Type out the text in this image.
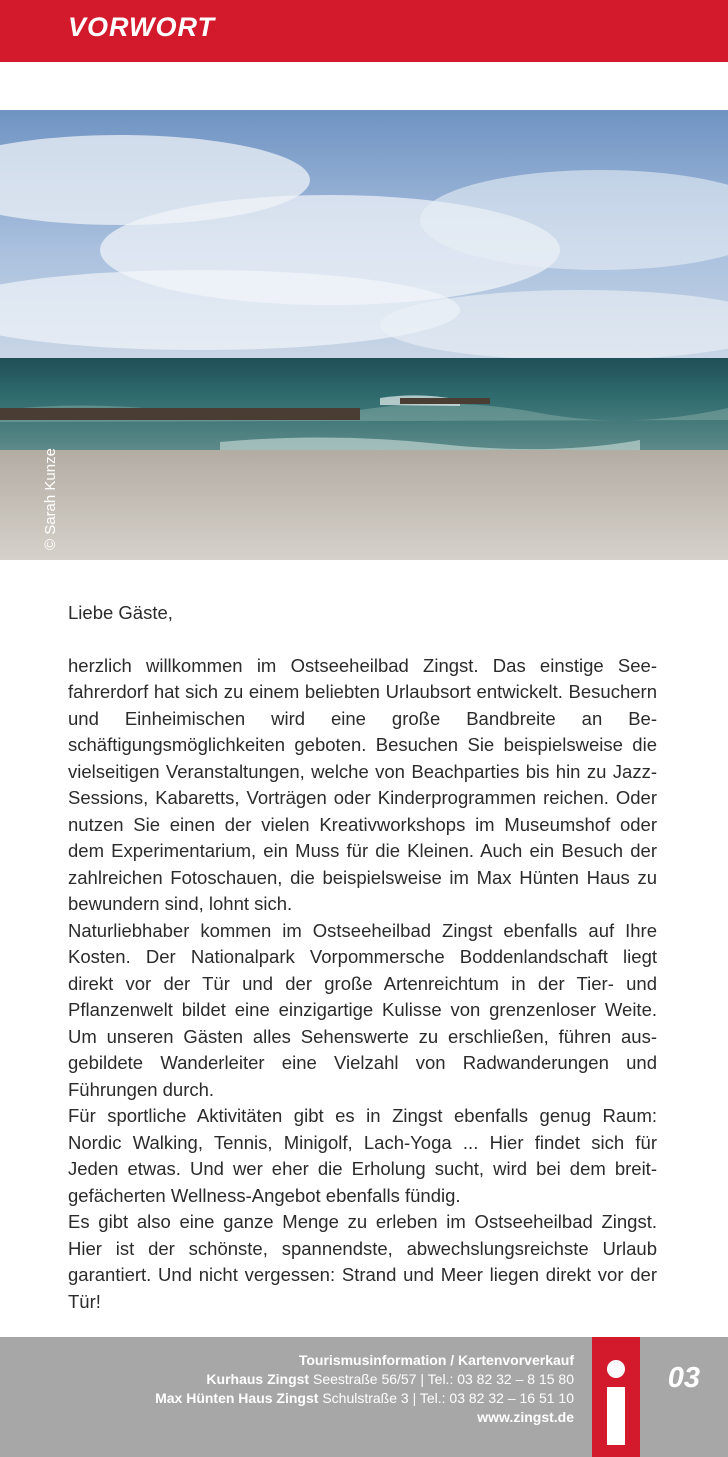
VORWORT
© Sarah Kunze

Liebe Gäste,

herzlich willkommen im Ostseeheilbad Zingst. Das einstige Seefahrerdorf hat sich zu einem beliebten Urlaubsort entwickelt. Besuchern und Einheimischen wird eine große Bandbreite an Beschäftigungsmöglichkeiten geboten. Besuchen Sie beispielsweise die vielseitigen Veranstaltungen, welche von Beachparties bis hin zu Jazz-Sessions, Kabaretts, Vorträgen oder Kinderprogrammen reichen. Oder nutzen Sie einen der vielen Kreativworkshops im Museumshof oder dem Experimentarium, ein Muss für die Kleinen. Auch ein Besuch der zahlreichen Fotoschauen, die beispielsweise im Max Hünten Haus zu bewundern sind, lohnt sich.

Naturliebhaber kommen im Ostseeheilbad Zingst ebenfalls auf Ihre Kosten. Der Nationalpark Vorpommersche Boddenlandschaft liegt direkt vor der Tür und der große Artenreichtum in der Tier- und Pflanzenwelt bildet eine einzigartige Kulisse von grenzenloser Weite. Um unseren Gästen alles Sehenswerte zu erschließen, führen ausgebildete Wanderleiter eine Vielzahl von Radwanderungen und Führungen durch.

Für sportliche Aktivitäten gibt es in Zingst ebenfalls genug Raum: Nordic Walking, Tennis, Minigolf, Lach-Yoga ... Hier findet sich für Jeden etwas. Und wer eher die Erholung sucht, wird bei dem breitgefächerten Wellness-Angebot ebenfalls fündig.

Es gibt also eine ganze Menge zu erleben im Ostseeheilbad Zingst. Hier ist der schönste, spannendste, abwechslungsreichste Urlaub garantiert. Und nicht vergessen: Strand und Meer liegen direkt vor der Tür!

Tourismusinformation / Kartenvorverkauf
Kurhaus Zingst Seestraße 56/57 | Tel.: 03 82 32 – 8 15 80
Max Hünten Haus Zingst Schulstraße 3 | Tel.: 03 82 32 – 16 51 10
www.zingst.de
03
